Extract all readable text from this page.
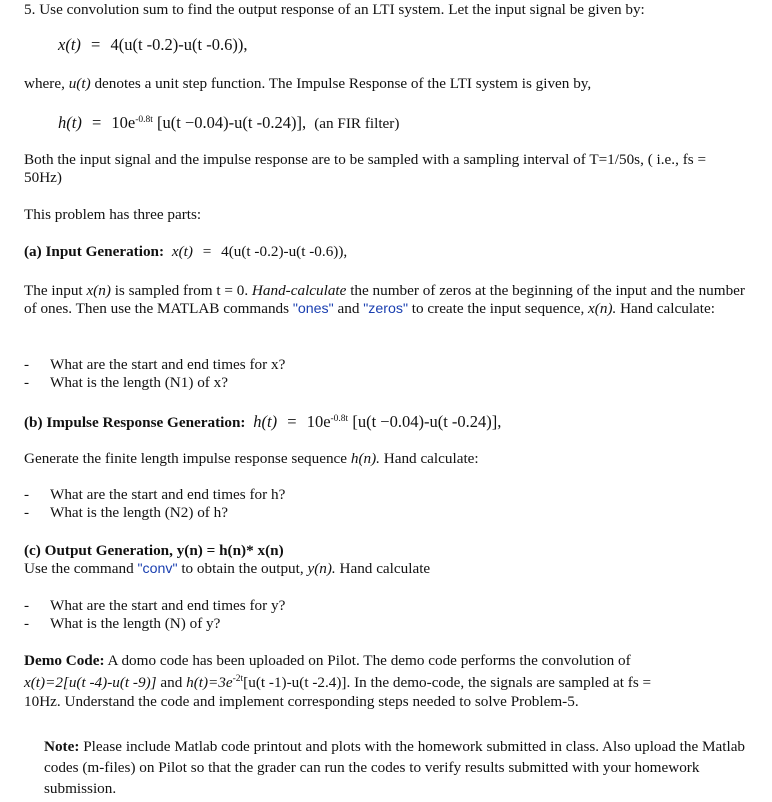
5. Use convolution sum to find the output response of an LTI system. Let the input signal be given by:
x(t) = 4(u(t -0.2)-u(t -0.6)),
where, u(t) denotes a unit step function. The Impulse Response of the LTI system is given by,
$h(t) = 10e^{-0.8t}$ [u(t −0.04)-u(t -0.24)], (an FIR filter)
Both the input signal and the impulse response are to be sampled with a sampling interval of T=1/50s, ( i.e., fs = 50Hz)
This problem has three parts:
(a) Input Generation: x(t) = 4(u(t -0.2)-u(t -0.6)),
The input x(n) is sampled from t = 0. Hand-calculate the number of zeros at the beginning of the input and the number of ones. Then use the MATLAB commands "ones" and "zeros" to create the input sequence, x(n). Hand calculate:
- What are the start and end times for x?
- What is the length (N1) of x?
(b) Impulse Response Generation: $h(t) = 10e^{-0.8t}$ [u(t −0.04)-u(t -0.24)],
Generate the finite length impulse response sequence h(n). Hand calculate:
- What are the start and end times for h?
- What is the length (N2) of h?
(c) Output Generation, y(n) = h(n)* x(n)
Use the command "conv" to obtain the output, y(n). Hand calculate
- What are the start and end times for y?
- What is the length (N) of y?
Demo Code: A domo code has been uploaded on Pilot. The demo code performs the convolution of
x(t)=2[u(t -4)-u(t -9)] and $h(t)=3e^{-2t}[u(t$ -1)-u(t -2.4)]. In the demo-code, the signals are sampled at fs =
10Hz. Understand the code and implement corresponding steps needed to solve Problem-5.
Note: Please include Matlab code printout and plots with the homework submitted in class. Also upload the Matlab codes (m-files) on Pilot so that the grader can run the codes to verify results submitted with your homework submission.
